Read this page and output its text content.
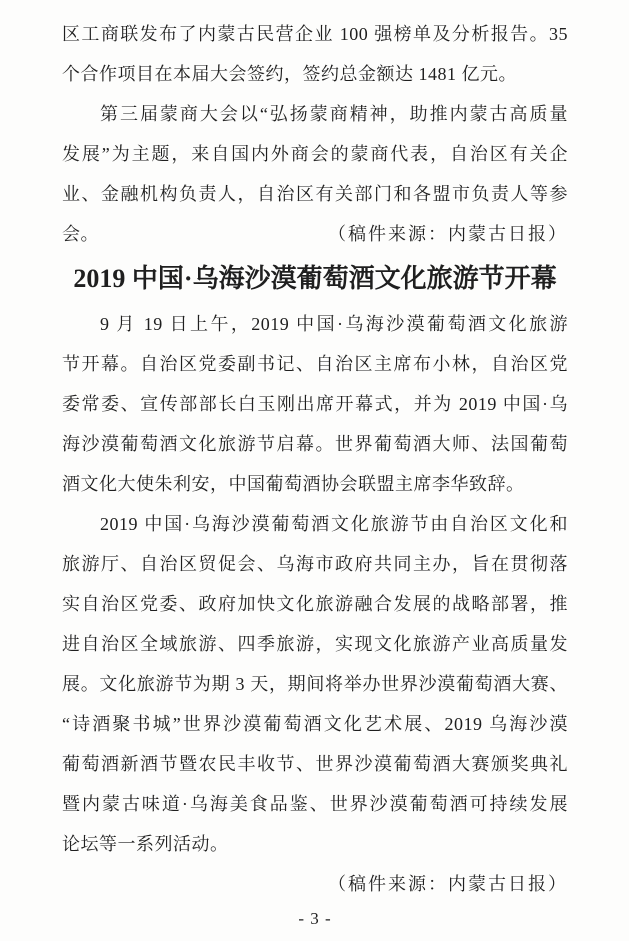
区工商联发布了内蒙古民营企业 100 强榜单及分析报告。35
个合作项目在本届大会签约，签约总金额达 1481 亿元。
第三届蒙商大会以“弘扬蒙商精神，助推内蒙古高质量
发展”为主题，来自国内外商会的蒙商代表，自治区有关企
业、金融机构负责人，自治区有关部门和各盟市负责人等参
会。	（稿件来源：内蒙古日报）
2019 中国·乌海沙漠葡萄酒文化旅游节开幕
9 月 19 日上午，2019 中国·乌海沙漠葡萄酒文化旅游
节开幕。自治区党委副书记、自治区主席布小林，自治区党
委常委、宣传部部长白玉刚出席开幕式，并为 2019 中国·乌
海沙漠葡萄酒文化旅游节启幕。世界葡萄酒大师、法国葡萄
酒文化大使朱利安，中国葡萄酒协会联盟主席李华致辞。
2019 中国·乌海沙漠葡萄酒文化旅游节由自治区文化和
旅游厅、自治区贸促会、乌海市政府共同主办，旨在贯彻落
实自治区党委、政府加快文化旅游融合发展的战略部署，推
进自治区全域旅游、四季旅游，实现文化旅游产业高质量发
展。文化旅游节为期 3 天，期间将举办世界沙漠葡萄酒大赛、
“诗酒聚书城”世界沙漠葡萄酒文化艺术展、2019 乌海沙漠
葡萄酒新酒节暨农民丰收节、世界沙漠葡萄酒大赛颁奖典礼
暨内蒙古味道·乌海美食品鉴、世界沙漠葡萄酒可持续发展
论坛等一系列活动。
（稿件来源：内蒙古日报）
- 3 -
